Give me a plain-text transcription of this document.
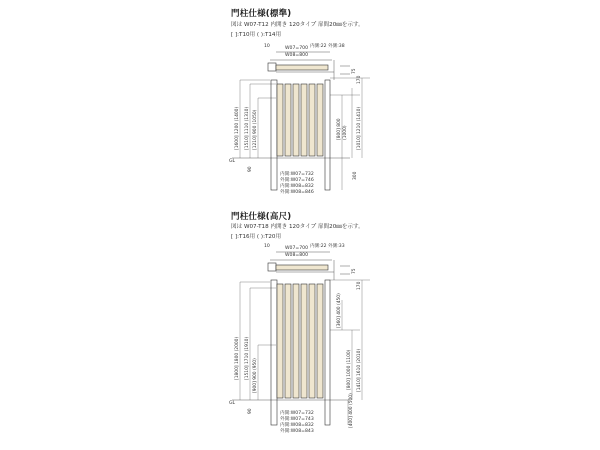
門柱仕様(標準)
図は W07-T12 内開き 120タイプ 扉間20㎜を示す。
[ ]:T10用 ( ):T14用
10	W07=700
W08=800
内側:22 外側:38
75
GL
90
[1600] 1200 (1400) [1510] 1110 (1310) [1210] 900 (1050)	[800] 800 (1000) [1010] 1210 (1410)
170
300
内開:W07=732
外開:W07=746
内開:W08=832
外開:W08=846
門柱仕様(高尺)
図は W07-T18 内開き 120タイプ 扉間20㎜を示す。
[ ]:T16用 ( ):T20用
10	W07=700
W08=800
内側:22 外側:33
75
GL
90
[1800] 1800 (2000) [1510] 1710 (1910) [900] 900 (950)
[360] 400 (450)
[800] 1000 (1100) [1410] 1610 (2010)
170
[400] 400 (500)
内開:W07=732
外開:W07=743
内開:W08=832
外開:W08=843
